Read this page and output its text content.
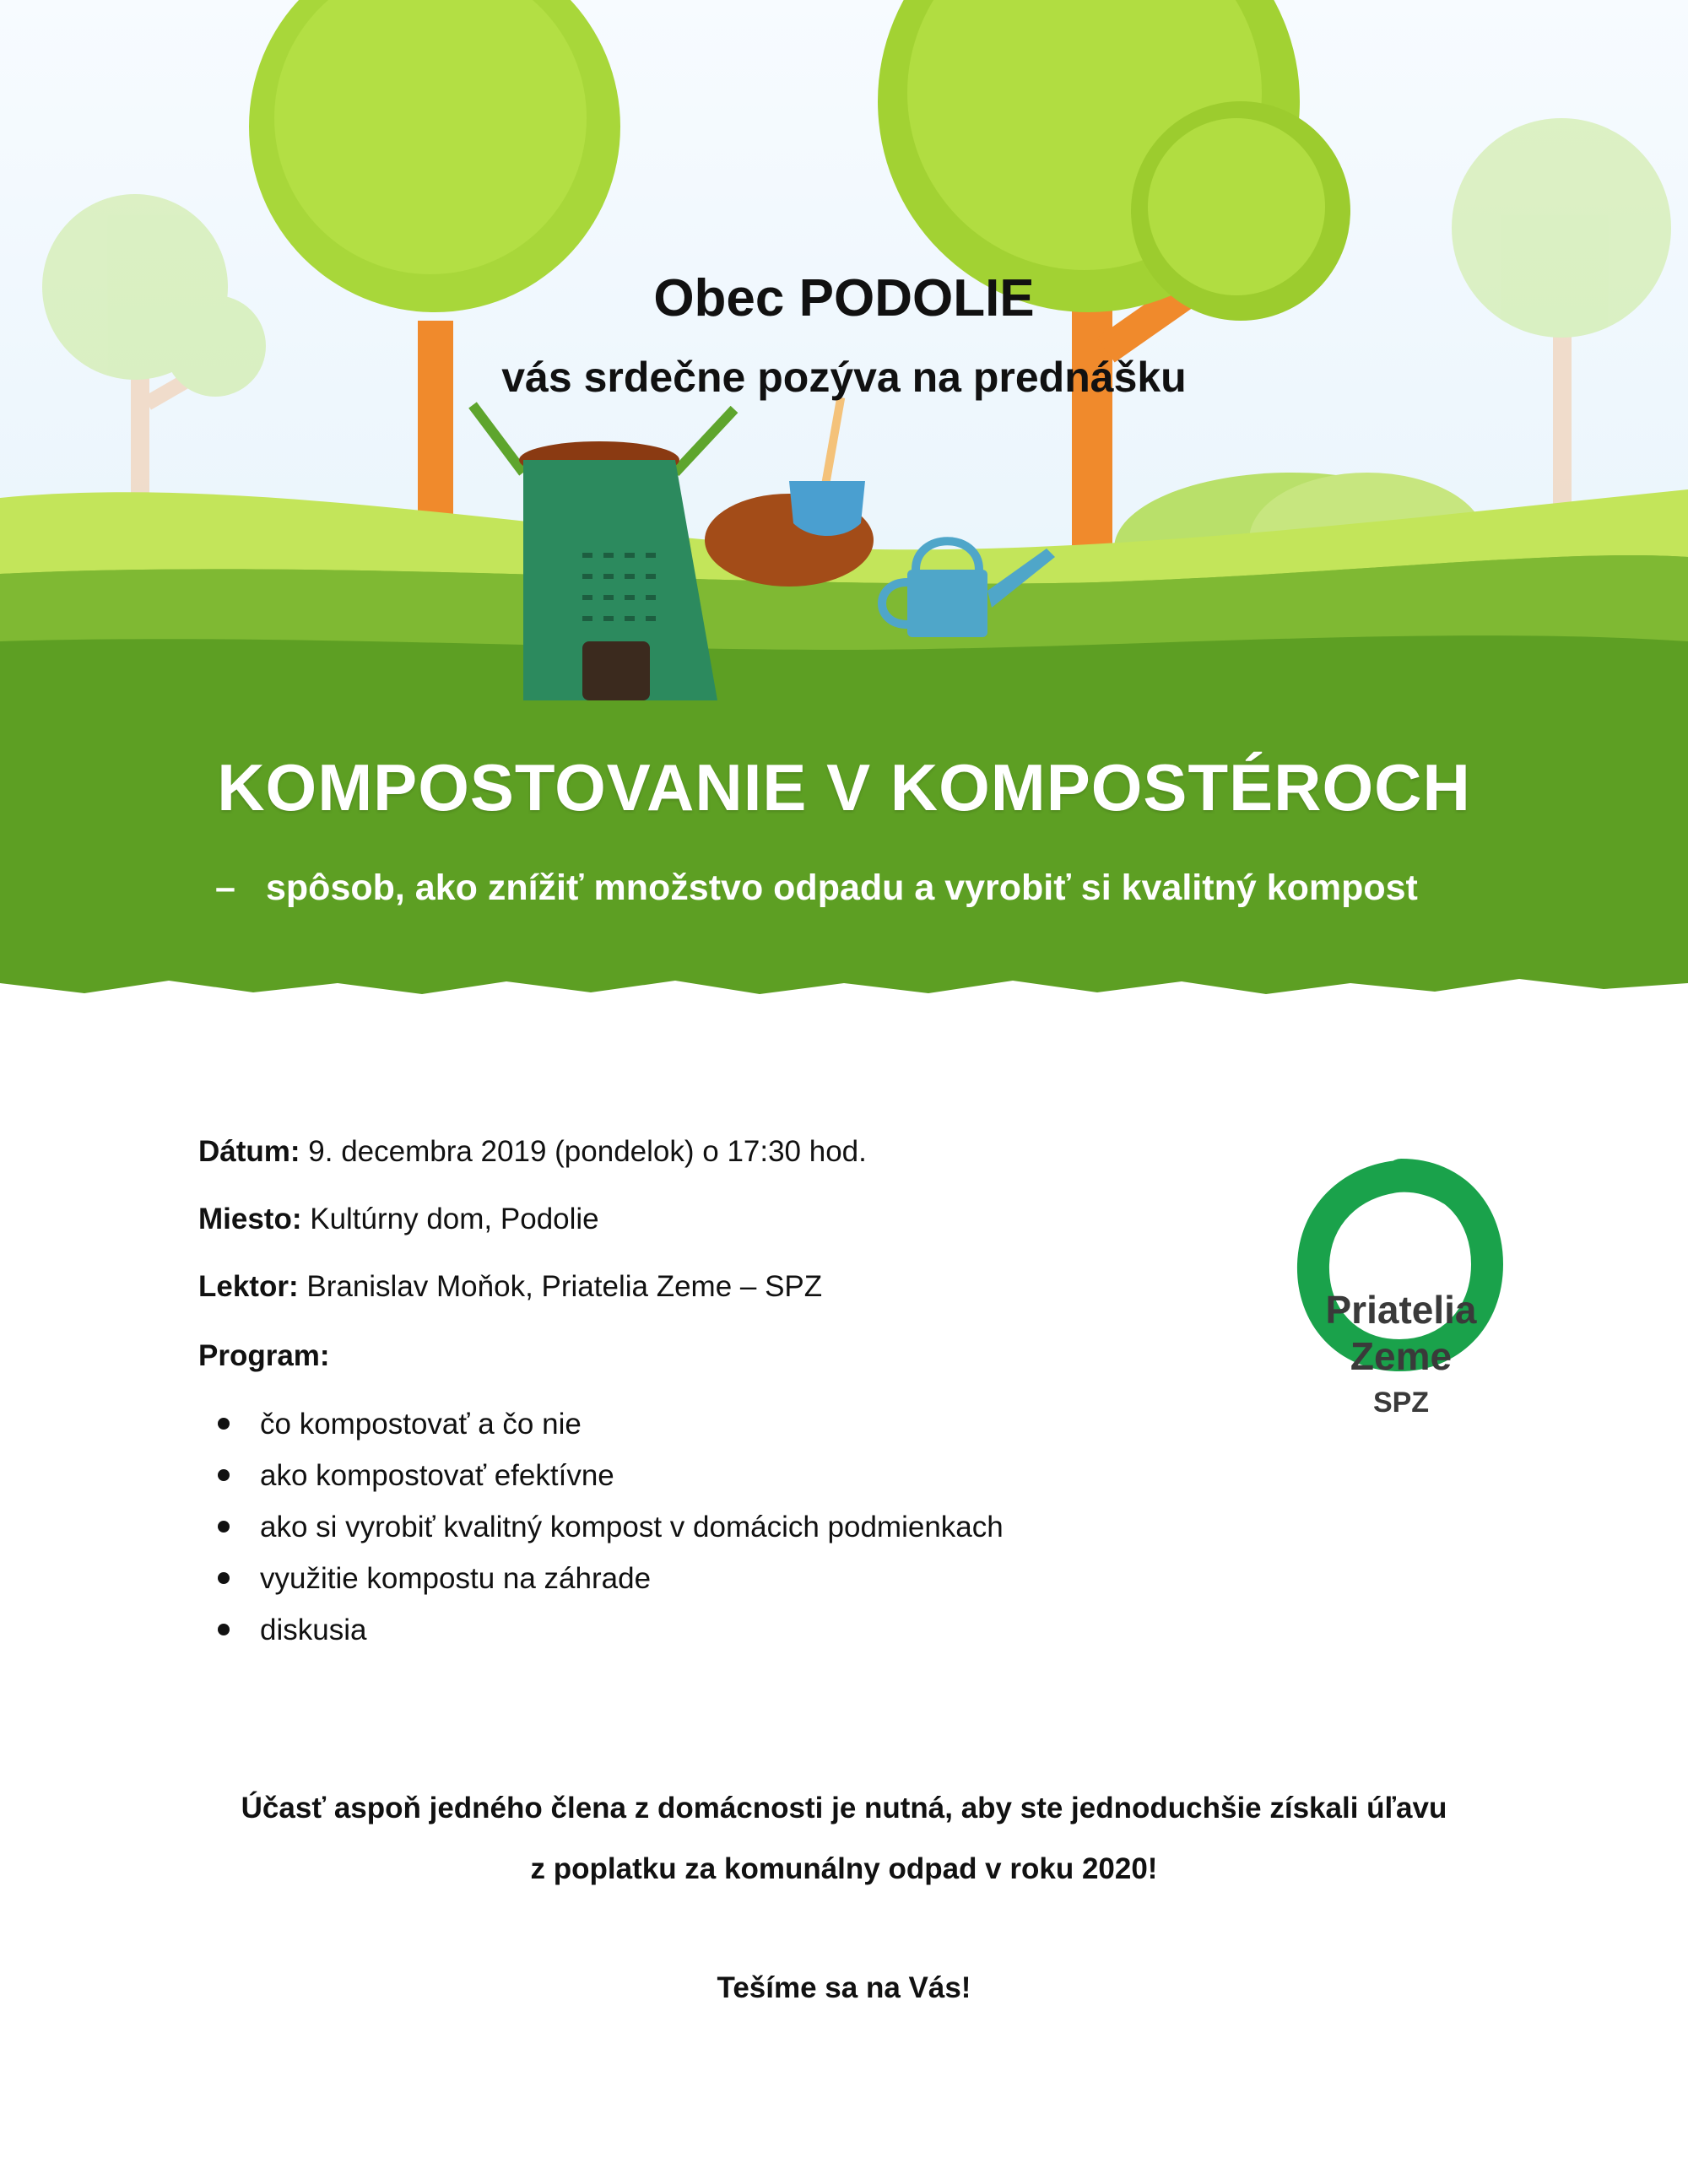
Obec PODOLIE
vás srdečne pozýva na prednášku
KOMPOSTOVANIE V KOMPOSTÉROCH
– spôsob, ako znížiť množstvo odpadu a vyrobiť si kvalitný kompost
Dátum: 9. decembra 2019 (pondelok) o 17:30 hod.
Miesto: Kultúrny dom, Podolie
Lektor: Branislav Moňok, Priatelia Zeme – SPZ
Program:
čo kompostovať a čo nie
ako kompostovať efektívne
ako si vyrobiť kvalitný kompost v domácich podmienkach
využitie kompostu na záhrade
diskusia
Priatelia
Zeme
SPZ
Účasť aspoň jedného člena z domácnosti je nutná, aby ste jednoduchšie získali úľavu
z poplatku za komunálny odpad v roku 2020!
Tešíme sa na Vás!
